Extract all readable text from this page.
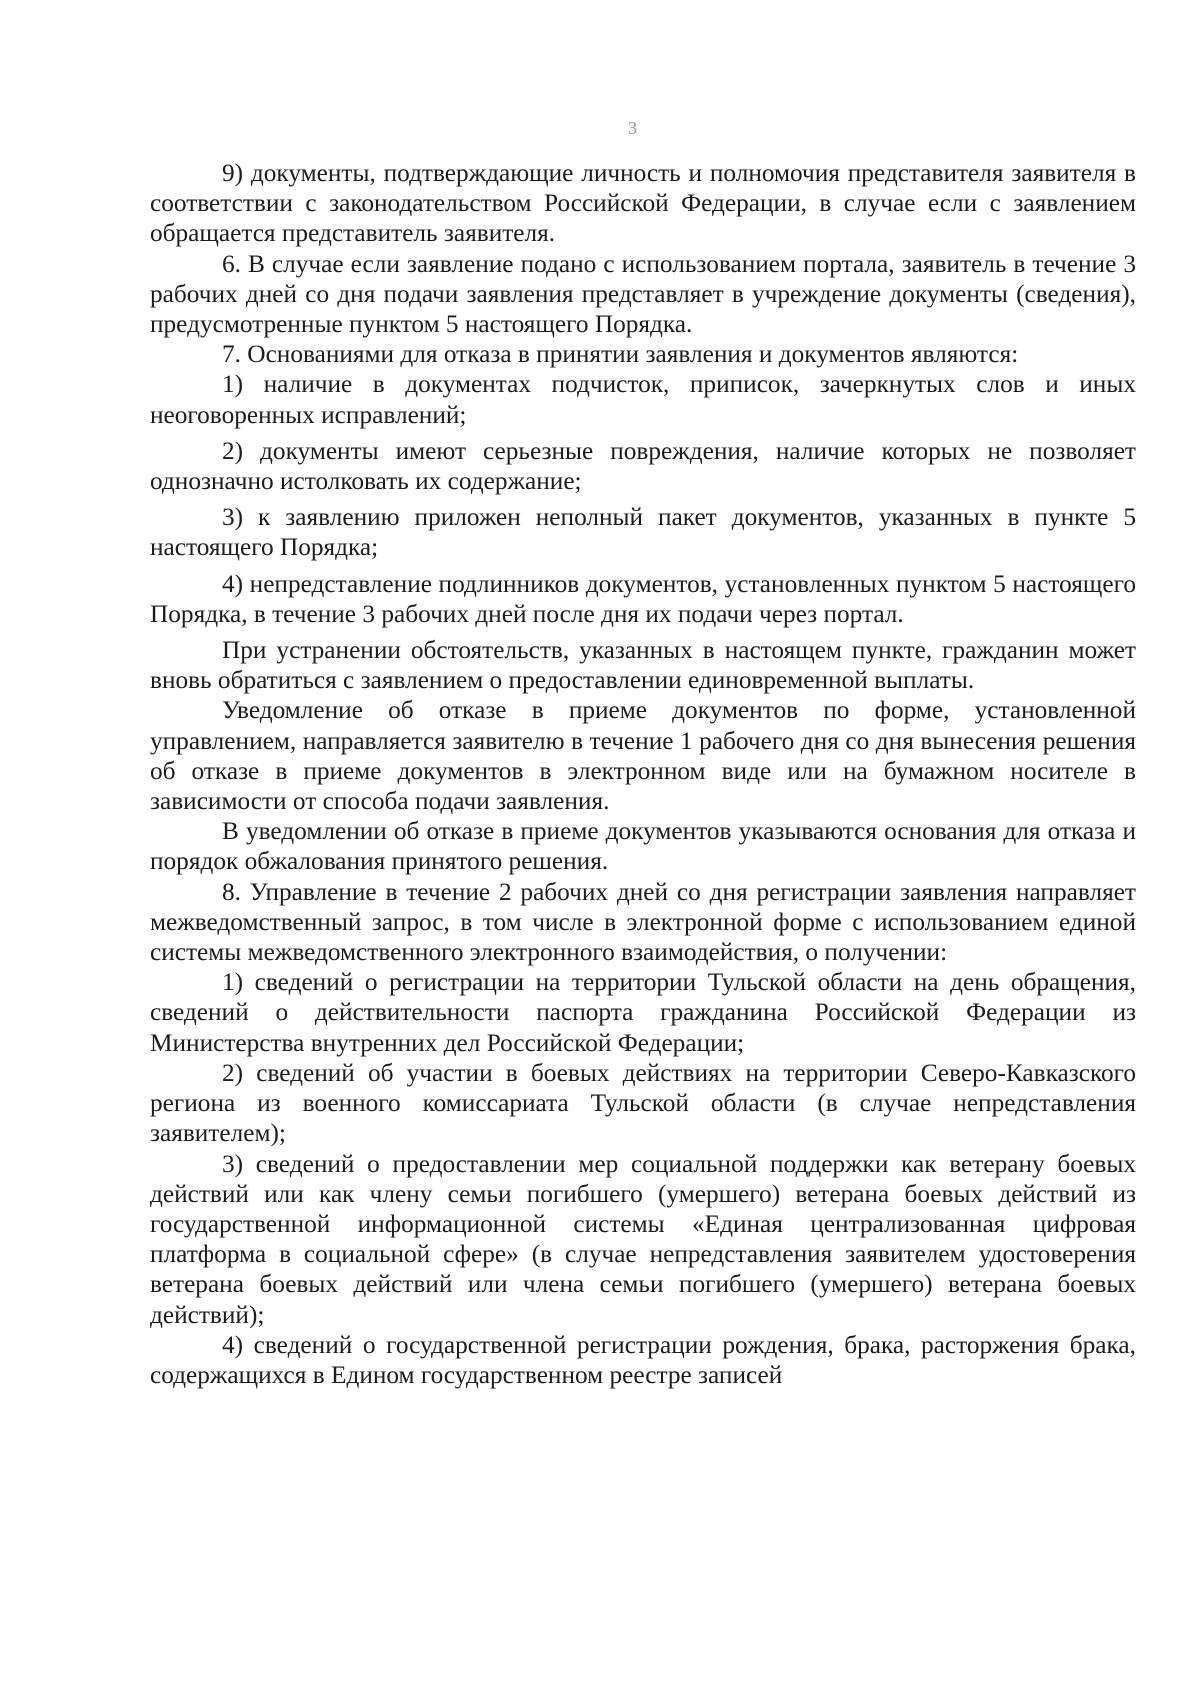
3

9) документы, подтверждающие личность и полномочия представителя заявителя в соответствии с законодательством Российской Федерации, в случае если с заявлением обращается представитель заявителя.

6. В случае если заявление подано с использованием портала, заявитель в течение 3 рабочих дней со дня подачи заявления представляет в учреждение документы (сведения), предусмотренные пунктом 5 настоящего Порядка.

7. Основаниями для отказа в принятии заявления и документов являются:

1) наличие в документах подчисток, приписок, зачеркнутых слов и иных неоговоренных исправлений;

2) документы имеют серьезные повреждения, наличие которых не позволяет однозначно истолковать их содержание;

3) к заявлению приложен неполный пакет документов, указанных в пункте 5 настоящего Порядка;

4) непредставление подлинников документов, установленных пунктом 5 настоящего Порядка, в течение 3 рабочих дней после дня их подачи через портал.

При устранении обстоятельств, указанных в настоящем пункте, гражданин может вновь обратиться с заявлением о предоставлении единовременной выплаты.

Уведомление об отказе в приеме документов по форме, установленной управлением, направляется заявителю в течение 1 рабочего дня со дня вынесения решения об отказе в приеме документов в электронном виде или на бумажном носителе в зависимости от способа подачи заявления.

В уведомлении об отказе в приеме документов указываются основания для отказа и порядок обжалования принятого решения.

8. Управление в течение 2 рабочих дней со дня регистрации заявления направляет межведомственный запрос, в том числе в электронной форме с использованием единой системы межведомственного электронного взаимодействия, о получении:

1) сведений о регистрации на территории Тульской области на день обращения, сведений о действительности паспорта гражданина Российской Федерации из Министерства внутренних дел Российской Федерации;

2) сведений об участии в боевых действиях на территории Северо-Кавказского региона из военного комиссариата Тульской области (в случае непредставления заявителем);

3) сведений о предоставлении мер социальной поддержки как ветерану боевых действий или как члену семьи погибшего (умершего) ветерана боевых действий из государственной информационной системы «Единая централизованная цифровая платформа в социальной сфере» (в случае непредставления заявителем удостоверения ветерана боевых действий или члена семьи погибшего (умершего) ветерана боевых действий);

4) сведений о государственной регистрации рождения, брака, расторжения брака, содержащихся в Едином государственном реестре записей
